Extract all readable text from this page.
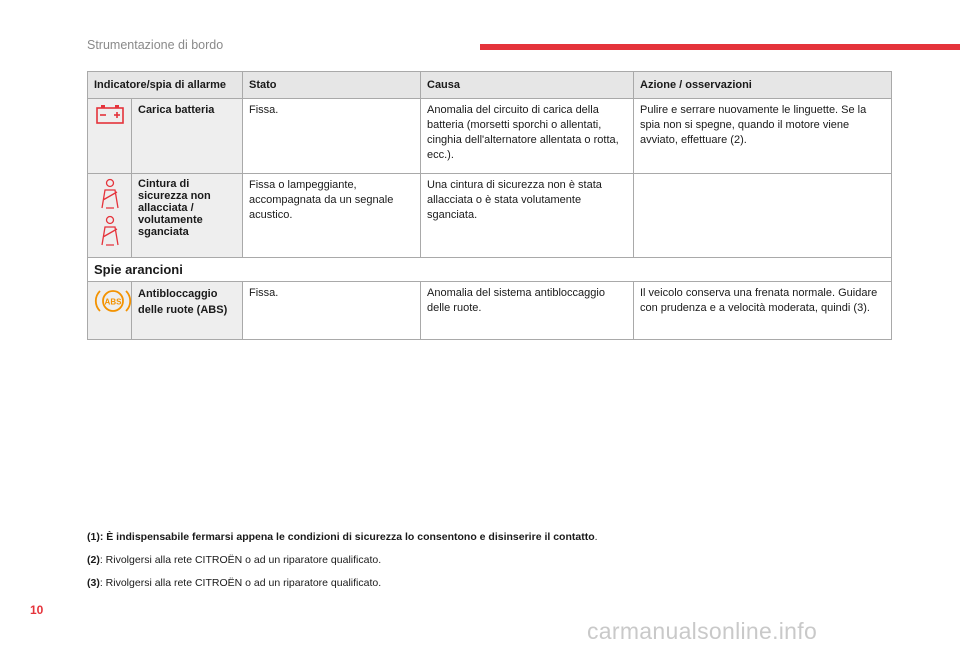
Strumentazione di bordo
Indicatore/spia di allarme		Stato	Causa	Azione / osservazioni
	Carica batteria	Fissa.	Anomalia del circuito di carica della batteria (morsetti sporchi o allentati, cinghia dell'alternatore allentata o rotta, ecc.).	Pulire e serrare nuovamente le linguette. Se la spia non si spegne, quando il motore viene avviato, effettuare (2).
	Cintura di sicurezza non allacciata / volutamente sganciata	Fissa o lampeggiante, accompagnata da un segnale acustico.	Una cintura di sicurezza non è stata allacciata o è stata volutamente sganciata.	
Spie arancioni				

ABS	Antibloccaggio delle ruote (ABS)	Fissa.	Anomalia del sistema antibloccaggio delle ruote.	Il veicolo conserva una frenata normale. Guidare con prudenza e a velocità moderata, quindi (3).
(1): È indispensabile fermarsi appena le condizioni di sicurezza lo consentono e disinserire il contatto.
(2): Rivolgersi alla rete CITROËN o ad un riparatore qualificato.
(3): Rivolgersi alla rete CITROËN o ad un riparatore qualificato.
10
carmanualsonline.info
